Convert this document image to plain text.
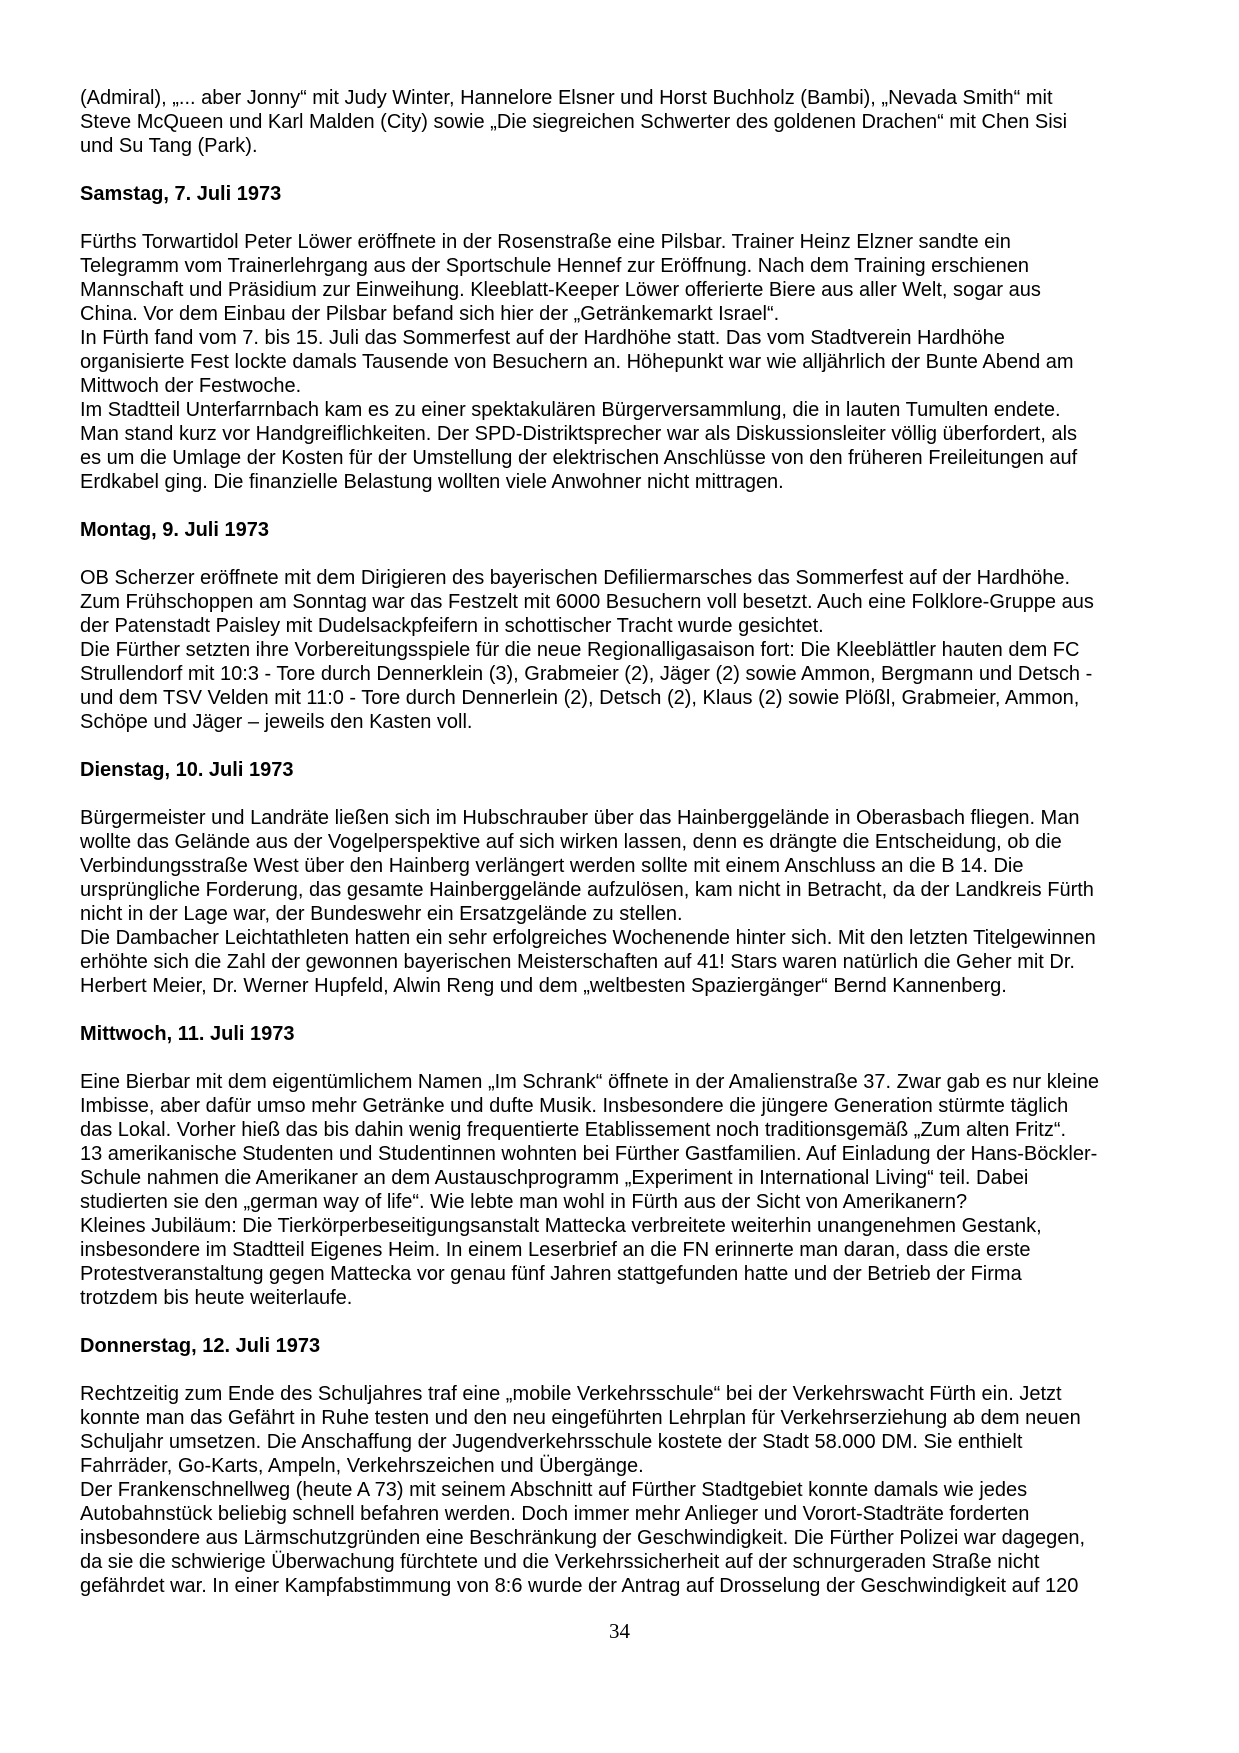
(Admiral), „... aber Jonny“ mit Judy Winter, Hannelore Elsner und Horst Buchholz (Bambi), „Nevada Smith“ mit
Steve McQueen und Karl Malden (City) sowie „Die siegreichen Schwerter des goldenen Drachen“ mit Chen Sisi
und Su Tang (Park).

Samstag, 7. Juli 1973

Fürths Torwartidol Peter Löwer eröffnete in der Rosenstraße eine Pilsbar. Trainer Heinz Elzner sandte ein
Telegramm vom Trainerlehrgang aus der Sportschule Hennef zur Eröffnung. Nach dem Training erschienen
Mannschaft und Präsidium zur Einweihung. Kleeblatt-Keeper Löwer offerierte Biere aus aller Welt, sogar aus
China. Vor dem Einbau der Pilsbar befand sich hier der „Getränkemarkt Israel“.

In Fürth fand vom 7. bis 15. Juli das Sommerfest auf der Hardhöhe statt. Das vom Stadtverein Hardhöhe
organisierte Fest lockte damals Tausende von Besuchern an. Höhepunkt war wie alljährlich der Bunte Abend am
Mittwoch der Festwoche.

Im Stadtteil Unterfarrnbach kam es zu einer spektakulären Bürgerversammlung, die in lauten Tumulten endete.
Man stand kurz vor Handgreiflichkeiten. Der SPD-Distriktsprecher war als Diskussionsleiter völlig überfordert, als
es um die Umlage der Kosten für der Umstellung der elektrischen Anschlüsse von den früheren Freileitungen auf
Erdkabel ging. Die finanzielle Belastung wollten viele Anwohner nicht mittragen.

Montag, 9. Juli 1973

OB Scherzer eröffnete mit dem Dirigieren des bayerischen Defiliermarsches das Sommerfest auf der Hardhöhe.
Zum Frühschoppen am Sonntag war das Festzelt mit 6000 Besuchern voll besetzt. Auch eine Folklore-Gruppe aus
der Patenstadt Paisley mit Dudelsackpfeifern in schottischer Tracht wurde gesichtet.

Die Fürther setzten ihre Vorbereitungsspiele für die neue Regionalligasaison fort: Die Kleeblättler hauten dem FC
Strullendorf mit 10:3 - Tore durch Dennerklein (3), Grabmeier (2), Jäger (2) sowie Ammon, Bergmann und Detsch -
und dem TSV Velden mit 11:0 - Tore durch Dennerlein (2), Detsch (2), Klaus (2) sowie Plößl, Grabmeier, Ammon,
Schöpe und Jäger – jeweils den Kasten voll.

Dienstag, 10. Juli 1973

Bürgermeister und Landräte ließen sich im Hubschrauber über das Hainberggelände in Oberasbach fliegen. Man
wollte das Gelände aus der Vogelperspektive auf sich wirken lassen, denn es drängte die Entscheidung, ob die
Verbindungsstraße West über den Hainberg verlängert werden sollte mit einem Anschluss an die B 14. Die
ursprüngliche Forderung, das gesamte Hainberggelände aufzulösen, kam nicht in Betracht, da der Landkreis Fürth
nicht in der Lage war, der Bundeswehr ein Ersatzgelände zu stellen.

Die Dambacher Leichtathleten hatten ein sehr erfolgreiches Wochenende hinter sich. Mit den letzten Titelgewinnen
erhöhte sich die Zahl der gewonnen bayerischen Meisterschaften auf 41! Stars waren natürlich die Geher mit Dr.
Herbert Meier, Dr. Werner Hupfeld, Alwin Reng und dem „weltbesten Spaziergänger“ Bernd Kannenberg.

Mittwoch, 11. Juli 1973

Eine Bierbar mit dem eigentümlichem Namen „Im Schrank“ öffnete in der Amalienstraße 37. Zwar gab es nur kleine
Imbisse, aber dafür umso mehr Getränke und dufte Musik. Insbesondere die jüngere Generation stürmte täglich
das Lokal. Vorher hieß das bis dahin wenig frequentierte Etablissement noch traditionsgemäß „Zum alten Fritz“.

13 amerikanische Studenten und Studentinnen wohnten bei Fürther Gastfamilien. Auf Einladung der Hans-Böckler-
Schule nahmen die Amerikaner an dem Austauschprogramm „Experiment in International Living“ teil. Dabei
studierten sie den „german way of life“. Wie lebte man wohl in Fürth aus der Sicht von Amerikanern?

Kleines Jubiläum: Die Tierkörperbeseitigungsanstalt Mattecka verbreitete weiterhin unangenehmen Gestank,
insbesondere im Stadtteil Eigenes Heim. In einem Leserbrief an die FN erinnerte man daran, dass die erste
Protestveranstaltung gegen Mattecka vor genau fünf Jahren stattgefunden hatte und der Betrieb der Firma
trotzdem bis heute weiterlaufe.

Donnerstag, 12. Juli 1973

Rechtzeitig zum Ende des Schuljahres traf eine „mobile Verkehrsschule“ bei der Verkehrswacht Fürth ein. Jetzt
konnte man das Gefährt in Ruhe testen und den neu eingeführten Lehrplan für Verkehrserziehung ab dem neuen
Schuljahr umsetzen. Die Anschaffung der Jugendverkehrsschule kostete der Stadt 58.000 DM. Sie enthielt
Fahrräder, Go-Karts, Ampeln, Verkehrszeichen und Übergänge.

Der Frankenschnellweg (heute A 73) mit seinem Abschnitt auf Fürther Stadtgebiet konnte damals wie jedes
Autobahnstück beliebig schnell befahren werden. Doch immer mehr Anlieger und Vorort-Stadträte forderten
insbesondere aus Lärmschutzgründen eine Beschränkung der Geschwindigkeit. Die Fürther Polizei war dagegen,
da sie die schwierige Überwachung fürchtete und die Verkehrssicherheit auf der schnurgeraden Straße nicht
gefährdet war. In einer Kampfabstimmung von 8:6 wurde der Antrag auf Drosselung der Geschwindigkeit auf 120

34
